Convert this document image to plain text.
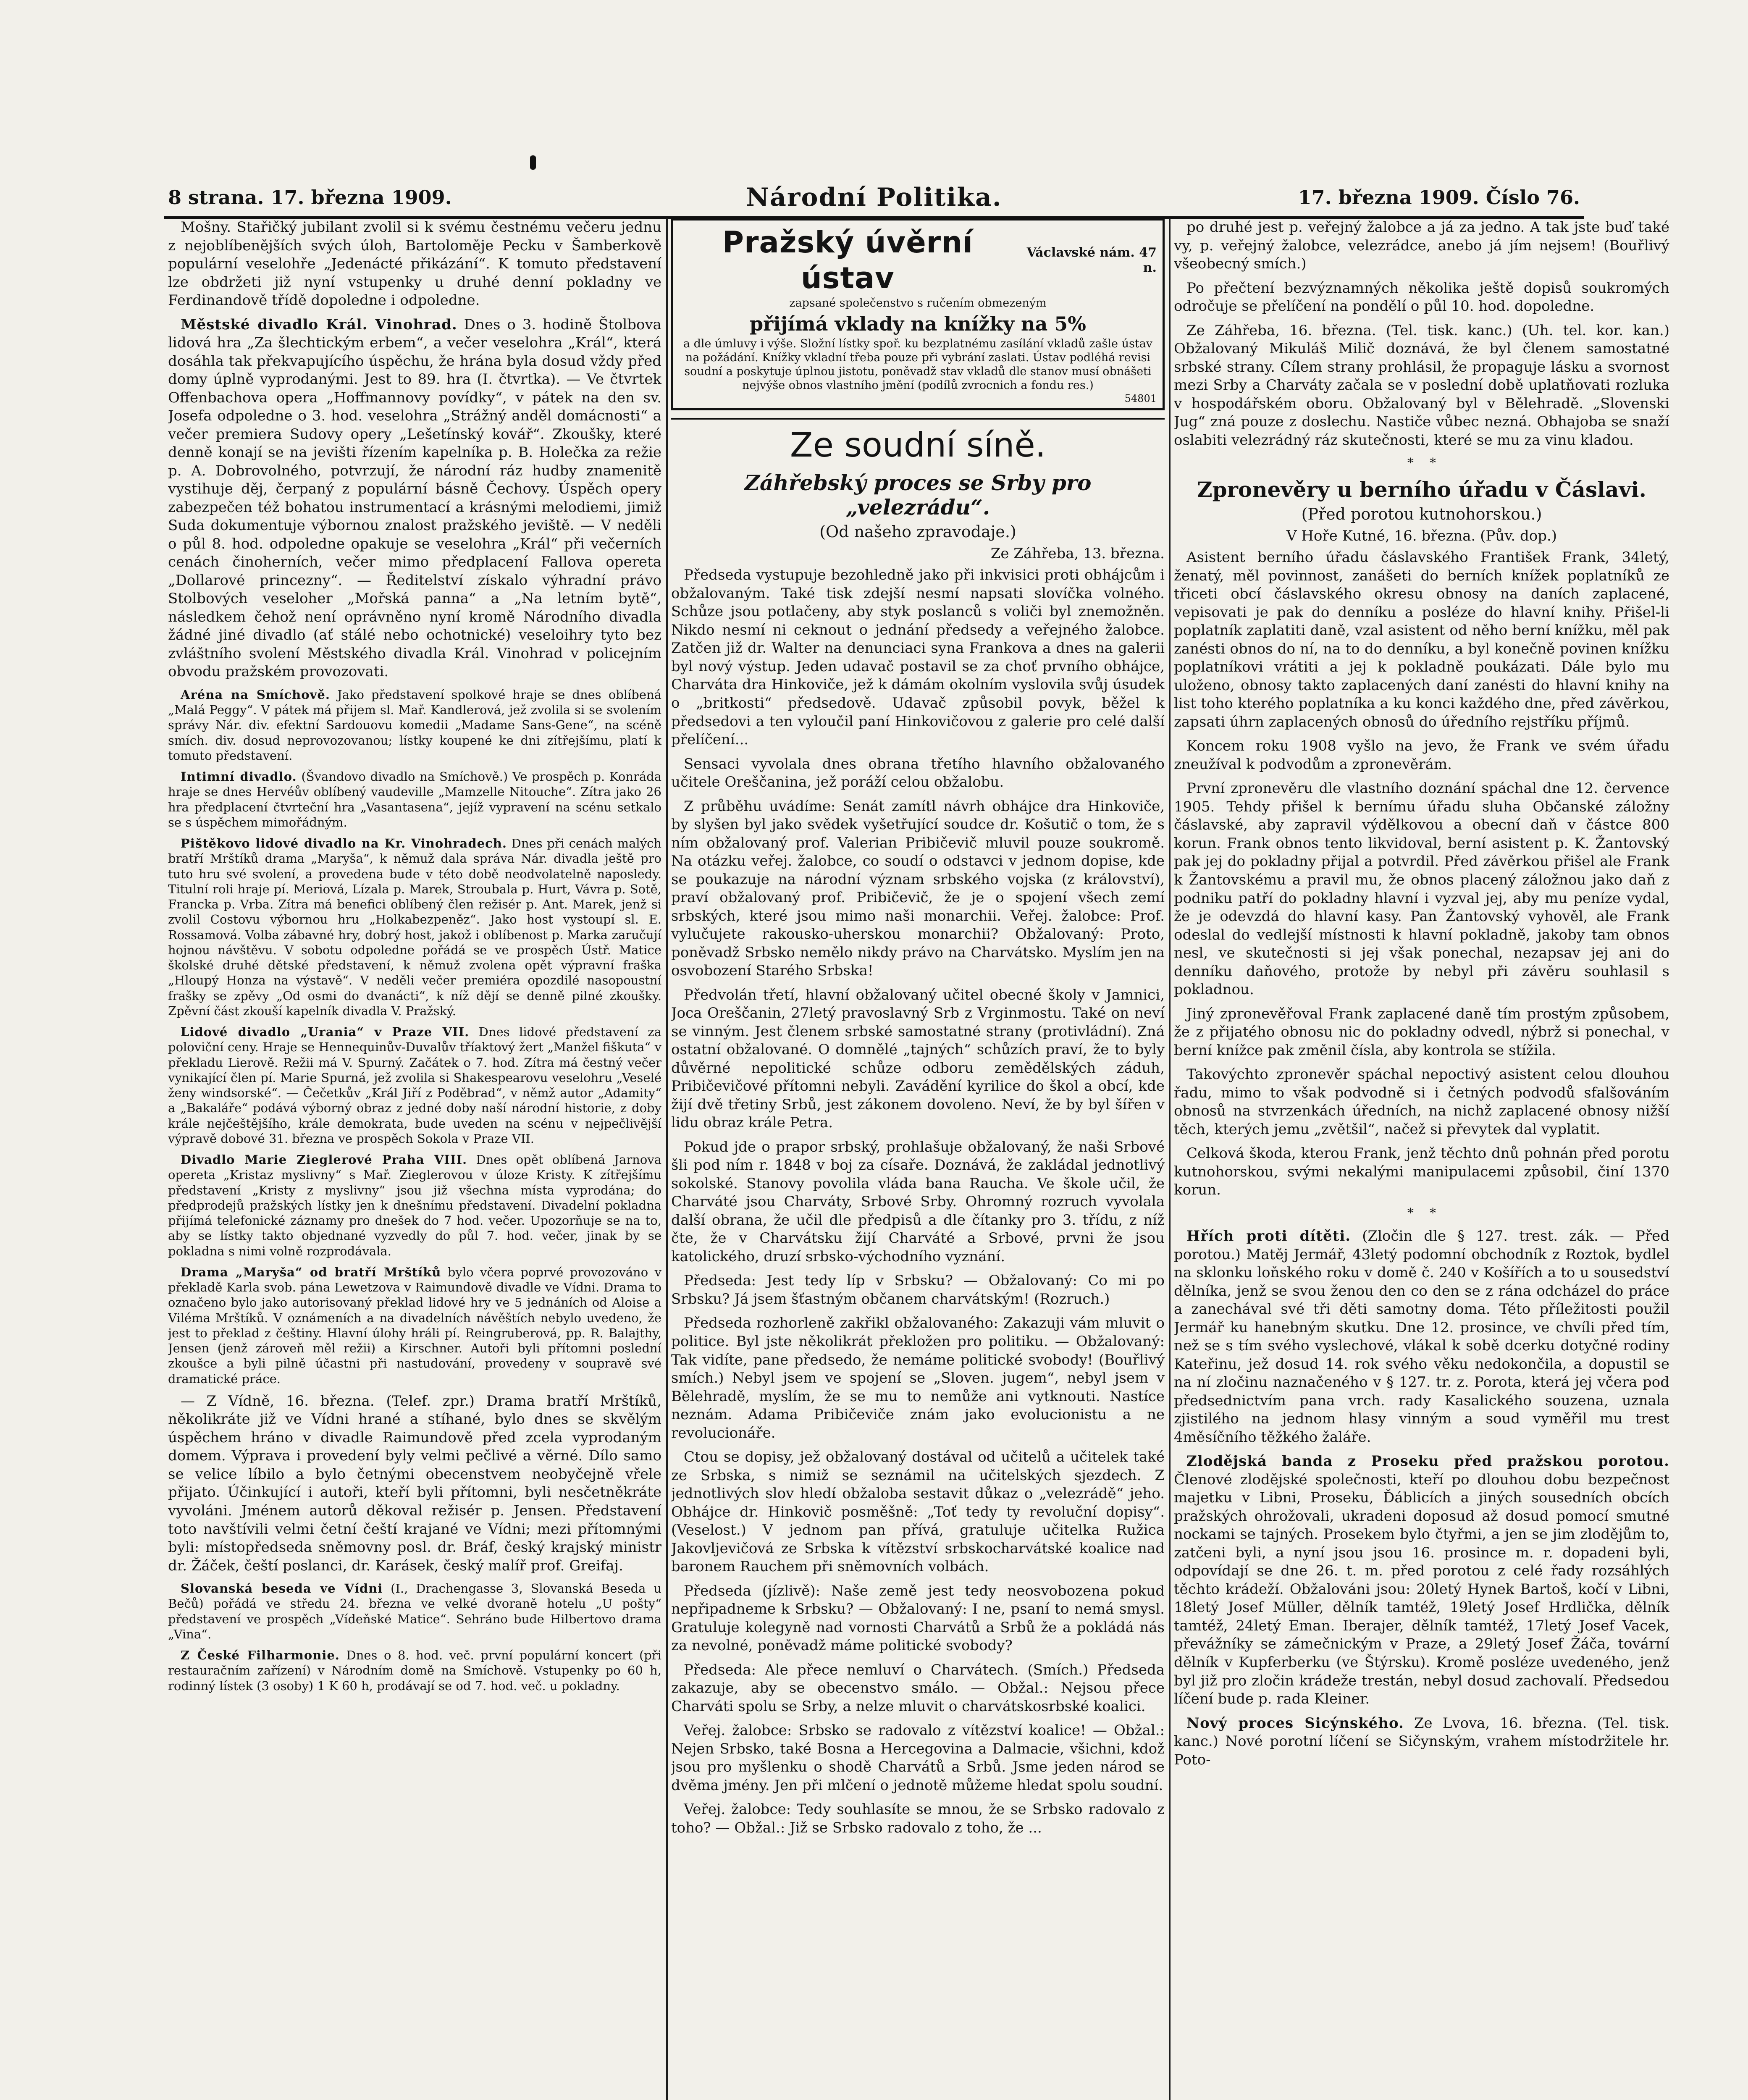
8 strana. 17. března 1909.	Národní Politika.	17. března 1909. Číslo 76.

Mošny. Stařičký jubilant zvolil si k svému čestnému večeru jednu z nejoblíbenějších svých úloh, Bartoloměje Pecku v Šamberkově populární veselohře „Jedenácté přikázání“. K tomuto představení lze obdržeti již nyní vstupenky u druhé denní pokladny ve Ferdinandově třídě dopoledne i odpoledne.

Městské divadlo Král. Vinohrad. Dnes o 3. hodině Štolbova lidová hra „Za šlechtickým erbem“, a večer veselohra „Král“, která dosáhla tak překvapujícího úspěchu, že hrána byla dosud vždy před domy úplně vyprodanými. Jest to 89. hra (I. čtvrtka). — Ve čtvrtek Offenbachova opera „Hoffmannovy povídky“, v pátek na den sv. Josefa odpoledne o 3. hod. veselohra „Strážný anděl domácnosti“ a večer premiera Sudovy opery „Lešetínský kovář“. Zkoušky, které denně konají se na jevišti řízením kapelníka p. B. Holečka za režie p. A. Dobrovolného, potvrzují, že národní ráz hudby znamenitě vystihuje děj, čerpaný z populární básně Čechovy. Úspěch opery zabezpečen též bohatou instrumentací a krásnými melodiemi, jimiž Suda dokumentuje výbornou znalost pražského jeviště. — V neděli o půl 8. hod. odpoledne opakuje se veselohra „Král“ při večerních cenách činoherních, večer mimo předplacení Fallova opereta „Dollarové princezny“. — Ředitelství získalo výhradní právo Stolbových veseloher „Mořská panna“ a „Na letním bytě“, následkem čehož není oprávněno nyní kromě Národního divadla žádné jiné divadlo (ať stálé nebo ochotnické) veseloihry tyto bez zvláštního svolení Městského divadla Král. Vinohrad v policejním obvodu pražském provozovati.

Aréna na Smíchově. Jako představení spolkové hraje se dnes oblíbená „Malá Peggy“. V pátek má přijem sl. Mař. Kandlerová, jež zvolila si se svolením správy Nár. div. efektní Sardouovu komedii „Madame Sans-Gene“, na scéně smích. div. dosud neprovozovanou; lístky koupené ke dni zítřejšímu, platí k tomuto představení.

Intimní divadlo. (Švandovo divadlo na Smíchově.) Ve prospěch p. Konráda hraje se dnes Hervéův oblíbený vaudeville „Mamzelle Nitouche“. Zítra jako 26 hra předplacení čtvrteční hra „Vasantasena“, jejíž vypravení na scénu setkalo se s úspěchem mimořádným.

Pištěkovo lidové divadlo na Kr. Vinohradech. Dnes při cenách malých bratří Mrštíků drama „Maryša“, k němuž dala správa Nár. divadla ještě pro tuto hru své svolení, a provedena bude v této době neodvolatelně naposledy. Titulní roli hraje pí. Meriová, Lízala p. Marek, Stroubala p. Hurt, Vávra p. Sotě, Francka p. Vrba. Zítra má benefici oblíbený člen režisér p. Ant. Marek, jenž si zvolil Costovu výbornou hru „Holkabezpeněz“. Jako host vystoupí sl. E. Rossamová. Volba zábavné hry, dobrý host, jakož i oblíbenost p. Marka zaručují hojnou návštěvu. V sobotu odpoledne pořádá se ve prospěch Ústř. Matice školské druhé dětské představení, k němuž zvolena opět výpravní fraška „Hloupý Honza na výstavě“. V neděli večer premiéra opozdilé nasopoustní frašky se zpěvy „Od osmi do dvanácti“, k níž dějí se denně pilné zkoušky. Zpěvní část zkouší kapelník divadla V. Pražský.

Lidové divadlo „Urania“ v Praze VII. Dnes lidové představení za poloviční ceny. Hraje se Hennequinův-Duvalův tříaktový žert „Manžel fiškuta“ v překladu Lierově. Režii má V. Spurný. Začátek o 7. hod. Zítra má čestný večer vynikající člen pí. Marie Spurná, jež zvolila si Shakespearovu veselohru „Veselé ženy windsorské“. — Čečetkův „Král Jiří z Poděbrad“, v němž autor „Adamity“ a „Bakaláře“ podává výborný obraz z jedné doby naší národní historie, z doby krále nejčeštějšího, krále demokrata, bude uveden na scénu v nejpečlivější výpravě dobové 31. března ve prospěch Sokola v Praze VII.

Divadlo Marie Zieglerové Praha VIII. Dnes opět oblíbená Jarnova opereta „Kristaz myslivny“ s Mař. Zieglerovou v úloze Kristy. K zítřejšímu představení „Kristy z myslivny“ jsou již všechna místa vyprodána; do předprodejů pražských lístky jen k dnešnímu představení. Divadelní pokladna přijímá telefonické záznamy pro dnešek do 7 hod. večer. Upozorňuje se na to, aby se lístky takto objednané vyzvedly do půl 7. hod. večer, jinak by se pokladna s nimi volně rozprodávala.

Drama „Maryša“ od bratří Mrštíků bylo včera poprvé provozováno v překladě Karla svob. pána Lewetzova v Raimundově divadle ve Vídni. Drama to označeno bylo jako autorisovaný překlad lidové hry ve 5 jednáních od Aloise a Viléma Mrštíků. V oznámeních a na divadelních návěštích nebylo uvedeno, že jest to překlad z češtiny. Hlavní úlohy hráli pí. Reingruberová, pp. R. Balajthy, Jensen (jenž zároveň měl režii) a Kirschner. Autoři byli přítomni poslední zkoušce a byli pilně účastni při nastudování, provedeny v soupravě své dramatické práce.

— Z Vídně, 16. března. (Telef. zpr.) Drama bratří Mrštíků, několikráte již ve Vídni hrané a stíhané, bylo dnes se skvělým úspěchem hráno v divadle Raimundově před zcela vyprodaným domem. Výprava i provedení byly velmi pečlivé a věrné. Dílo samo se velice líbilo a bylo četnými obecenstvem neobyčejně vřele přijato. Účinkující i autoři, kteří byli přítomni, byli nesčetněkráte vyvoláni. Jménem autorů děkoval režisér p. Jensen. Představení toto navštívili velmi četní čeští krajané ve Vídni; mezi přítomnými byli: místopředseda sněmovny posl. dr. Bráf, český krajský ministr dr. Žáček, čeští poslanci, dr. Karásek, český malíř prof. Greifaj.

Slovanská beseda ve Vídni (I., Drachengasse 3, Slovanská Beseda u Bečů) pořádá ve středu 24. března ve velké dvoraně hotelu „U pošty“ představení ve prospěch „Vídeňské Matice“. Sehráno bude Hilbertovo drama „Vina“.

Z České Filharmonie. Dnes o 8. hod. več. první populární koncert (při restauračním zařízení) v Národním domě na Smíchově. Vstupenky po 60 h, rodinný lístek (3 osoby) 1 K 60 h, prodávají se od 7. hod. več. u pokladny.

Pražský úvěrní ústav
Václavské nám. 47 n.
zapsané společenstvo s ručením obmezeným
přijímá vklady na knížky na 5%
a dle úmluvy i výše. Složní lístky spoř. ku bezplatnému zasílání vkladů zašle ústav na požádání. Knížky vkladní třeba pouze při vybrání zaslati. Ústav podléhá revisi soudní a poskytuje úplnou jistotu, poněvadž stav vkladů dle stanov musí obnášeti nejvýše obnos vlastního jmění (podílů zvrocnich a fondu res.)
54801
Ze soudní síně.
Záhřebský proces se Srby pro „velezrádu“.
(Od našeho zpravodaje.)
Ze Záhřeba, 13. března.

Předseda vystupuje bezohledně jako při inkvisici proti obhájcům i obžalovaným. Také tisk zdejší nesmí napsati slovíčka volného. Schůze jsou potlačeny, aby styk poslanců s voliči byl znemožněn. Nikdo nesmí ni ceknout o jednání předsedy a veřejného žalobce. Zatčen již dr. Walter na denunciaci syna Frankova a dnes na galerii byl nový výstup. Jeden udavač postavil se za choť prvního obhájce, Charváta dra Hinkoviče, jež k dámám okolním vyslovila svůj úsudek o „britkosti“ předsedově. Udavač způsobil povyk, běžel k předsedovi a ten vyloučil paní Hinkovičovou z galerie pro celé další přelíčení...

Sensaci vyvolala dnes obrana třetího hlavního obžalovaného učitele Oreščanina, jež poráží celou obžalobu.

Z průběhu uvádíme: Senát zamítl návrh obhájce dra Hinkoviče, by slyšen byl jako svědek vyšetřující soudce dr. Košutič o tom, že s ním obžalovaný prof. Valerian Pribičevič mluvil pouze soukromě. Na otázku veřej. žalobce, co soudí o odstavci v jednom dopise, kde se poukazuje na národní význam srbského vojska (z království), praví obžalovaný prof. Pribičevič, že je o spojení všech zemí srbských, které jsou mimo naši monarchii. Veřej. žalobce: Prof. vylučujete rakousko-uherskou monarchii? Obžalovaný: Proto, poněvadž Srbsko nemělo nikdy právo na Charvátsko. Myslím jen na osvobození Starého Srbska!

Předvolán třetí, hlavní obžalovaný učitel obecné školy v Jamnici, Joca Oreščanin, 27letý pravoslavný Srb z Vrginmostu. Také on neví se vinným. Jest členem srbské samostatné strany (protivládní). Zná ostatní obžalované. O domnělé „tajných“ schůzích praví, že to byly důvěrné nepolitické schůze odboru zemědělských záduh, Pribičevičové přítomni nebyli. Zavádění kyrilice do škol a obcí, kde žijí dvě třetiny Srbů, jest zákonem dovoleno. Neví, že by byl šířen v lidu obraz krále Petra.

Pokud jde o prapor srbský, prohlašuje obžalovaný, že naši Srbové šli pod ním r. 1848 v boj za císaře. Doznává, že zakládal jednotlivý sokolské. Stanovy povolila vláda bana Raucha. Ve škole učil, že Charváté jsou Charváty, Srbové Srby. Ohromný rozruch vyvolala další obrana, že učil dle předpisů a dle čítanky pro 3. třídu, z níž čte, že v Charvátsku žijí Charváté a Srbové, prvni že jsou katolického, druzí srbsko-východního vyznání.

Předseda: Jest tedy líp v Srbsku? — Obžalovaný: Co mi po Srbsku? Já jsem šťastným občanem charvátským! (Rozruch.)

Předseda rozhorleně zakřikl obžalovaného: Zakazuji vám mluvit o politice. Byl jste několikrát překložen pro politiku. — Obžalovaný: Tak vidíte, pane předsedo, že nemáme politické svobody! (Bouřlivý smích.) Nebyl jsem ve spojení se „Sloven. jugem“, nebyl jsem v Bělehradě, myslím, že se mu to nemůže ani vytknouti. Nastíce neznám. Adama Pribičeviče znám jako evolucionistu a ne revolucionáře.

Ctou se dopisy, jež obžalovaný dostával od učitelů a učitelek také ze Srbska, s nimiž se seznámil na učitelských sjezdech. Z jednotlivých slov hledí obžaloba sestavit důkaz o „velezrádě“ jeho. Obhájce dr. Hinkovič posměšně: „Toť tedy ty revoluční dopisy“. (Veselost.) V jednom pan přívá, gratuluje učitelka Ružica Jakovljevičová ze Srbska k vítězství srbskocharvátské koalice nad baronem Rauchem při sněmovních volbách.

Předseda (jízlivě): Naše země jest tedy neosvobozena pokud nepřipadneme k Srbsku? — Obžalovaný: I ne, psaní to nemá smysl. Gratuluje kolegyně nad vornosti Charvátů a Srbů že a pokládá nás za nevolné, poněvadž máme politické svobody?

Předseda: Ale přece nemluví o Charvátech. (Smích.) Předseda zakazuje, aby se obecenstvo smálo. — Obžal.: Nejsou přece Charváti spolu se Srby, a nelze mluvit o charvátskosrbské koalici.

Veřej. žalobce: Srbsko se radovalo z vítězství koalice! — Obžal.: Nejen Srbsko, také Bosna a Hercegovina a Dalmacie, všichni, kdož jsou pro myšlenku o shodě Charvátů a Srbů. Jsme jeden národ se dvěma jmény. Jen při mlčení o jednotě můžeme hledat spolu soudní.

Veřej. žalobce: Tedy souhlasíte se mnou, že se Srbsko radovalo z toho? — Obžal.: Již se Srbsko radovalo z toho, že ...

po druhé jest p. veřejný žalobce a já za jedno. A tak jste buď také vy, p. veřejný žalobce, velezrádce, anebo já jím nejsem! (Bouřlivý všeobecný smích.)

Po přečtení bezvýznamných několika ještě dopisů soukromých odročuje se přelíčení na pondělí o půl 10. hod. dopoledne.

Ze Záhřeba, 16. března. (Tel. tisk. kanc.) (Uh. tel. kor. kan.) Obžalovaný Mikuláš Milič doznává, že byl členem samostatné srbské strany. Cílem strany prohlásil, že propaguje lásku a svornost mezi Srby a Charváty začala se v poslední době uplatňovati rozluka v hospodářském oboru. Obžalovaný byl v Bělehradě. „Slovenski Jug“ zná pouze z doslechu. Nastiče vůbec nezná. Obhajoba se snaží oslabiti velezrádný ráz skutečnosti, které se mu za vinu kladou.

*    *
Zpronevěry u berního úřadu v Čáslavi.
(Před porotou kutnohorskou.)
V Hoře Kutné, 16. března. (Pův. dop.)

Asistent berního úřadu čáslavského František Frank, 34letý, ženatý, měl povinnost, zanášeti do berních knížek poplatníků ze třiceti obcí čáslavského okresu obnosy na daních zaplacené, vepisovati je pak do denníku a posléze do hlavní knihy. Přišel-li poplatník zaplatiti daně, vzal asistent od něho berní knížku, měl pak zanésti obnos do ní, na to do denníku, a byl konečně povinen knížku poplatníkovi vrátiti a jej k pokladně poukázati. Dále bylo mu uloženo, obnosy takto zaplacených daní zanésti do hlavní knihy na list toho kterého poplatníka a ku konci každého dne, před závěrkou, zapsati úhrn zaplacených obnosů do úředního rejstříku příjmů.

Koncem roku 1908 vyšlo na jevo, že Frank ve svém úřadu zneužíval k podvodům a zpronevěrám.

První zpronevěru dle vlastního doznání spáchal dne 12. července 1905. Tehdy přišel k bernímu úřadu sluha Občanské záložny čáslavské, aby zapravil výdělkovou a obecní daň v částce 800 korun. Frank obnos tento likvidoval, berní asistent p. K. Žantovský pak jej do pokladny přijal a potvrdil. Před závěrkou přišel ale Frank k Žantovskému a pravil mu, že obnos placený záložnou jako daň z podniku patří do pokladny hlavní i vyzval jej, aby mu peníze vydal, že je odevzdá do hlavní kasy. Pan Žantovský vyhověl, ale Frank odeslal do vedlejší místnosti k hlavní pokladně, jakoby tam obnos nesl, ve skutečnosti si jej však ponechal, nezapsav jej ani do denníku daňového, protože by nebyl při závěru souhlasil s pokladnou.

Jiný zpronevěřoval Frank zaplacené daně tím prostým způsobem, že z přijatého obnosu nic do pokladny odvedl, nýbrž si ponechal, v berní knížce pak změnil čísla, aby kontrola se stížila.

Takovýchto zpronevěr spáchal nepoctivý asistent celou dlouhou řadu, mimo to však podvodně si i četných podvodů sfalšováním obnosů na stvrzenkách úředních, na nichž zaplacené obnosy nižší těch, kterých jemu „zvětšil“, načež si převytek dal vyplatit.

Celková škoda, kterou Frank, jenž těchto dnů pohnán před porotu kutnohorskou, svými nekalými manipulacemi způsobil, činí 1370 korun.

*    *

Hřích proti dítěti. (Zločin dle § 127. trest. zák. — Před porotou.) Matěj Jermář, 43letý podomní obchodník z Roztok, bydlel na sklonku loňského roku v domě č. 240 v Košířích a to u sousedství dělníka, jenž se svou ženou den co den se z rána odcházel do práce a zanechával své tři děti samotny doma. Této příležitosti použil Jermář ku hanebným skutku. Dne 12. prosince, ve chvíli před tím, než se s tím svého vyslechové, vlákal k sobě dcerku dotyčné rodiny Kateřinu, jež dosud 14. rok svého věku nedokončila, a dopustil se na ní zločinu naznačeného v § 127. tr. z. Porota, která jej včera pod předsednictvím pana vrch. rady Kasalického souzena, uznala zjistilého na jednom hlasy vinným a soud vyměřil mu trest 4měsíčního těžkého žaláře.

Zlodějská banda z Proseku před pražskou porotou. Členové zlodějské společnosti, kteří po dlouhou dobu bezpečnost majetku v Libni, Proseku, Ďáblicích a jiných sousedních obcích pražských ohrožovali, ukradeni doposud až dosud pomocí smutné nockami se tajných. Prosekem bylo čtyřmi, a jen se jim zlodějům to, zatčeni byli, a nyní jsou jsou 16. prosince m. r. dopadeni byli, odpovídají se dne 26. t. m. před porotou z celé řady rozsáhlých těchto krádeží. Obžalováni jsou: 20letý Hynek Bartoš, kočí v Libni, 18letý Josef Müller, dělník tamtéž, 19letý Josef Hrdlička, dělník tamtéž, 24letý Eman. Iberajer, dělník tamtéž, 17letý Josef Vacek, převážníky se zámečnickým v Praze, a 29letý Josef Žáča, tovární dělník v Kupferberku (ve Štýrsku). Kromě posléze uvedeného, jenž byl již pro zločin krádeže trestán, nebyl dosud zachovalí. Předsedou líčení bude p. rada Kleiner.

Nový proces Sicýnského. Ze Lvova, 16. března. (Tel. tisk. kanc.) Nové porotní líčení se Sičynským, vrahem místodržitele hr. Poto-
